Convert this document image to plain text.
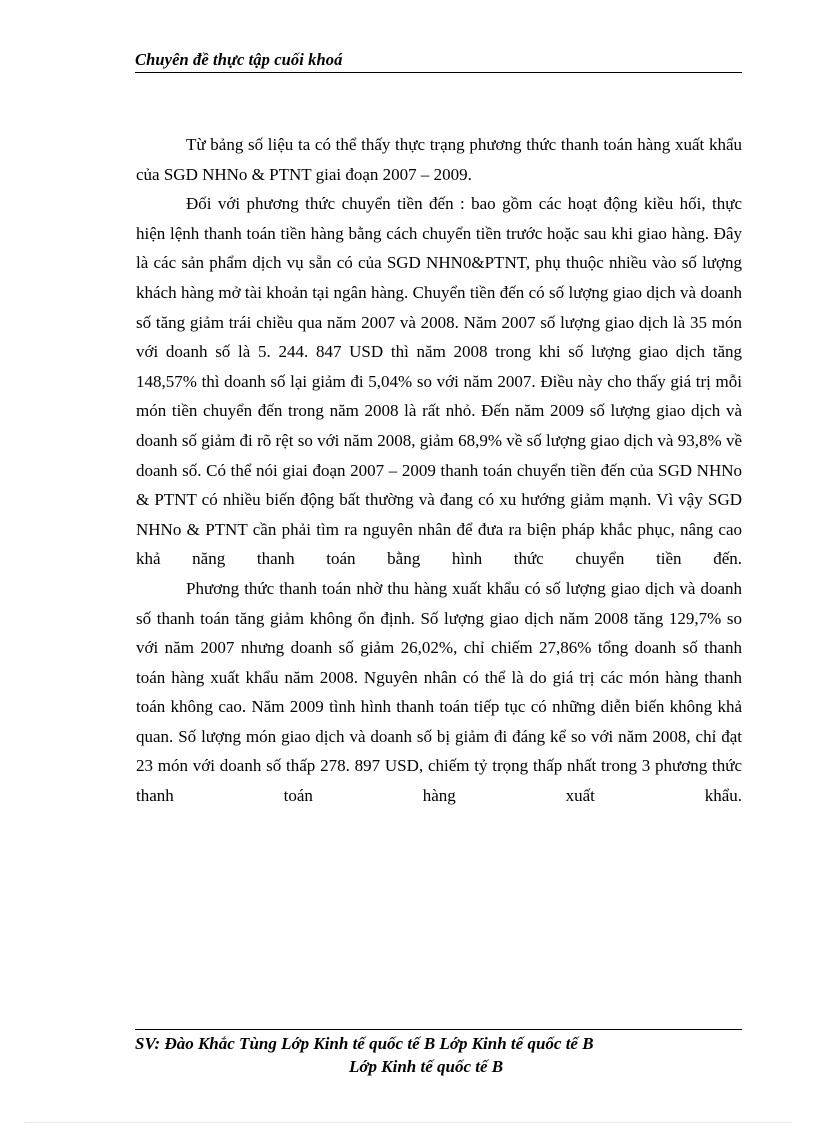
Chuyên đề thực tập cuối khoá

Từ bảng số liệu ta có thể thấy thực trạng phương thức thanh toán hàng xuất khẩu của SGD NHNo & PTNT giai đoạn 2007 – 2009.

Đối với phương thức chuyển tiền đến : bao gồm các hoạt động kiều hối, thực hiện lệnh thanh toán tiền hàng bằng cách chuyển tiền trước hoặc sau khi giao hàng. Đây là các sản phẩm dịch vụ sẵn có của SGD NHN0&PTNT, phụ thuộc nhiều vào số lượng khách hàng mở tài khoản tại ngân hàng. Chuyển tiền đến có số lượng giao dịch và doanh số tăng giảm trái chiều qua năm 2007 và 2008. Năm 2007 số lượng giao dịch là 35 món với doanh số là 5. 244. 847 USD thì năm 2008 trong khi số lượng giao dịch tăng 148,57% thì doanh số lại giảm đi 5,04% so với năm 2007. Điều này cho thấy giá trị mỗi món tiền chuyển đến trong năm 2008 là rất nhỏ. Đến năm 2009 số lượng giao dịch và doanh số giảm đi rõ rệt so với năm 2008, giảm 68,9% về số lượng giao dịch và 93,8% về doanh số. Có thể nói giai đoạn 2007 – 2009 thanh toán chuyển tiền đến của SGD NHNo & PTNT có nhiều biến động bất thường và đang có xu hướng giảm mạnh. Vì vậy SGD NHNo & PTNT cần phải tìm ra nguyên nhân để đưa ra biện pháp khắc phục, nâng cao khả năng thanh toán bằng hình thức chuyển tiền đến.

Phương thức thanh toán nhờ thu hàng xuất khẩu có số lượng giao dịch và doanh số thanh toán tăng giảm không ổn định. Số lượng giao dịch năm 2008 tăng 129,7% so với năm 2007 nhưng doanh số giảm 26,02%, chỉ chiếm 27,86% tổng doanh số thanh toán hàng xuất khẩu năm 2008. Nguyên nhân có thể là do giá trị các món hàng thanh toán không cao. Năm 2009 tình hình thanh toán tiếp tục có những diễn biến không khả quan. Số lượng món giao dịch và doanh số bị giảm đi đáng kể so với năm 2008, chỉ đạt 23 món với doanh số thấp 278. 897 USD, chiếm tỷ trọng thấp nhất trong 3 phương thức thanh toán hàng xuất khẩu.

SV: Đào Khắc Tùng Lớp Kinh tế quốc tế B Lớp Kinh tế quốc tế B
Lớp Kinh tế quốc tế B
